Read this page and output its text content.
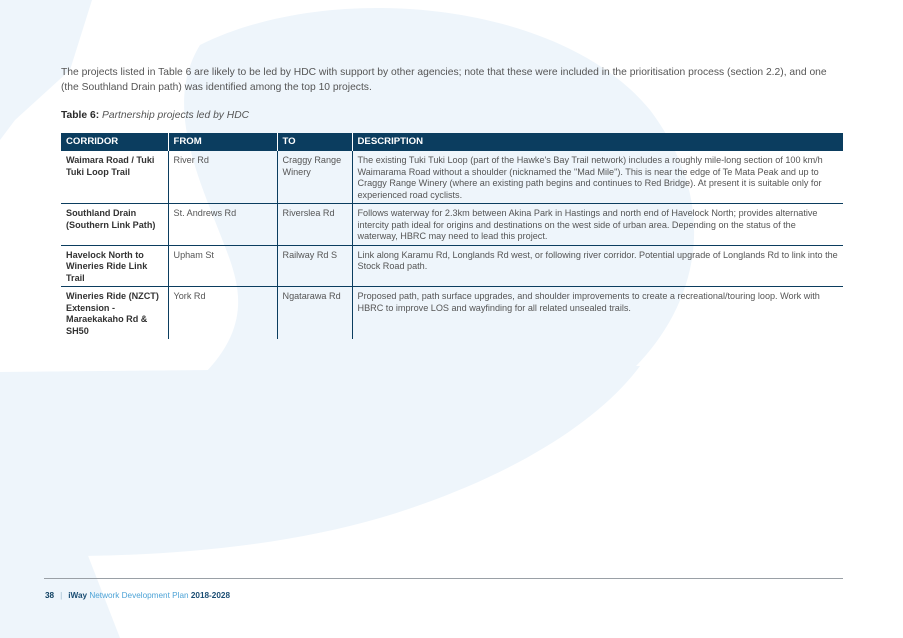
The projects listed in Table 6 are likely to be led by HDC with support by other agencies; note that these were included in the prioritisation process (section 2.2), and one (the Southland Drain path) was identified among the top 10 projects.

Table 6: Partnership projects led by HDC
CORRIDOR	FROM	TO	DESCRIPTION
Waimara Road / Tuki Tuki Loop Trail	River Rd	Craggy Range Winery	The existing Tuki Tuki Loop (part of the Hawke's Bay Trail network) includes a roughly mile-long section of 100 km/h Waimarama Road without a shoulder (nicknamed the "Mad Mile"). This is near the edge of Te Mata Peak and up to Craggy Range Winery (where an existing path begins and continues to Red Bridge). At present it is suitable only for experienced road cyclists.
Southland Drain (Southern Link Path)	St. Andrews Rd	Riverslea Rd	Follows waterway for 2.3km between Akina Park in Hastings and north end of Havelock North; provides alternative intercity path ideal for origins and destinations on the west side of urban area. Depending on the status of the waterway, HBRC may need to lead this project.
Havelock North to Wineries Ride Link Trail	Upham St	Railway Rd S	Link along Karamu Rd, Longlands Rd west, or following river corridor. Potential upgrade of Longlands Rd to link into the Stock Road path.
Wineries Ride (NZCT) Extension -Maraekakaho Rd & SH50	York Rd	Ngatarawa Rd	Proposed path, path surface upgrades, and shoulder improvements to create a recreational/touring loop. Work with HBRC to improve LOS and wayfinding for all related unsealed trails.
38 | iWay Network Development Plan 2018-2028
